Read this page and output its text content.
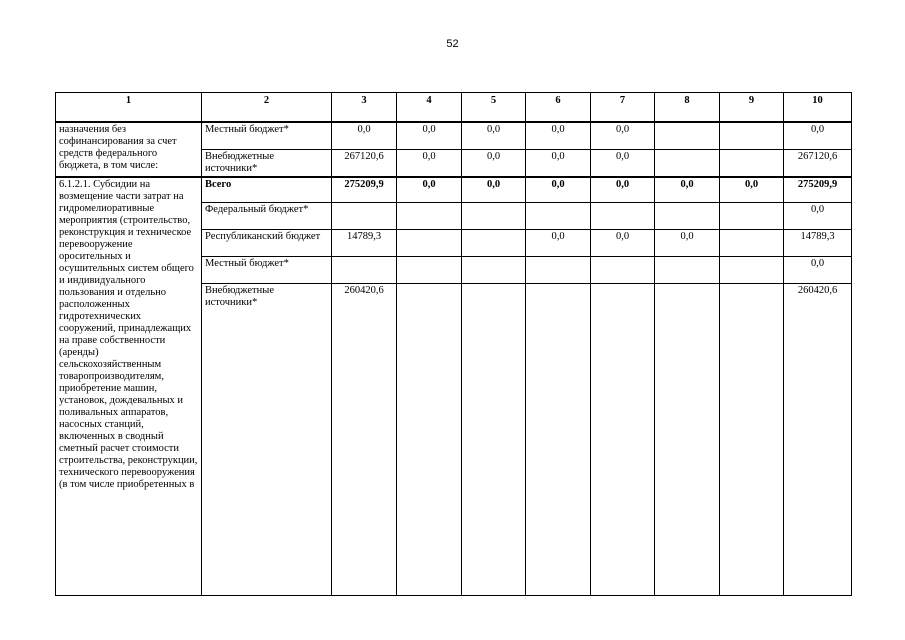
52
1	2	3	4	5	6	7	8	9	10
назначения без софинансирования за счет средств федерального бюджета, в том числе:	Местный бюджет*	0,0	0,0	0,0	0,0	0,0			0,0
	Внебюджетные источники*	267120,6	0,0	0,0	0,0	0,0			267120,6
6.1.2.1. Субсидии на возмещение части затрат на гидромелиоративные мероприятия (строительство, реконструкция и техническое перевооружение оросительных и осушительных систем общего и индивидуального пользования и отдельно расположенных гидротехнических сооружений, принадлежащих на праве собственности (аренды) сельскохозяйственным товаропроизводителям, приобретение машин, установок, дождевальных и поливальных аппаратов, насосных станций, включенных в сводный сметный расчет стоимости строительства, реконструкции, технического перевооружения (в том числе приобретенных в	Всего	275209,9	0,0	0,0	0,0	0,0	0,0	0,0	275209,9
	Федеральный бюджет*								0,0
	Республиканский бюджет	14789,3			0,0	0,0	0,0		14789,3
	Местный бюджет*								0,0
	Внебюджетные источники*	260420,6							260420,6
